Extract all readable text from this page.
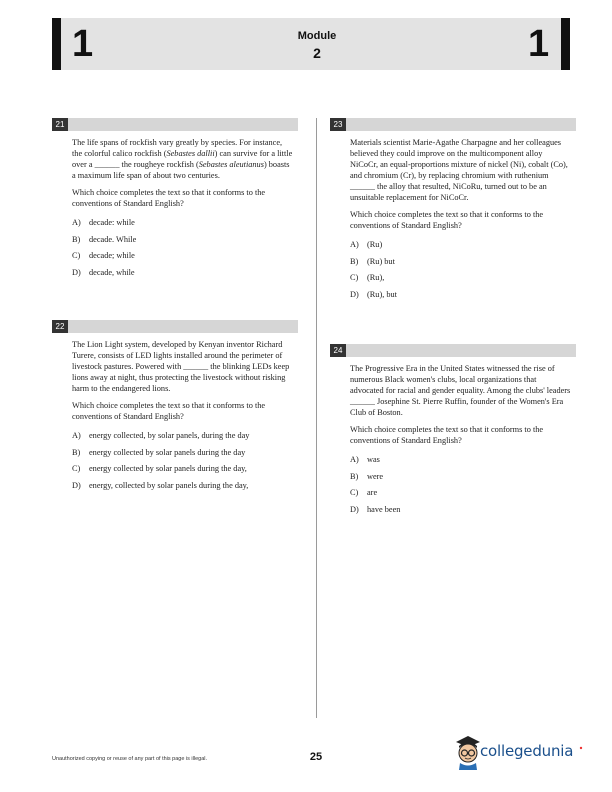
1	1
Module
2
21
The life spans of rockfish vary greatly by species. For instance, the colorful calico rockfish (Sebastes dallii) can survive for a little over a ______ the rougheye rockfish (Sebastes aleutianus) boasts a maximum life span of about two centuries.
Which choice completes the text so that it conforms to the conventions of Standard English?
A) decade: while
B) decade. While
C) decade; while
D) decade, while
22
The Lion Light system, developed by Kenyan inventor Richard Turere, consists of LED lights installed around the perimeter of livestock pastures. Powered with ______ the blinking LEDs keep lions away at night, thus protecting the livestock without risking harm to the endangered lions.
Which choice completes the text so that it conforms to the conventions of Standard English?
A) energy collected, by solar panels, during the day
B) energy collected by solar panels during the day
C) energy collected by solar panels during the day,
D) energy, collected by solar panels during the day,
23
Materials scientist Marie-Agathe Charpagne and her colleagues believed they could improve on the multicomponent alloy NiCoCr, an equal-proportions mixture of nickel (Ni), cobalt (Co), and chromium (Cr), by replacing chromium with ruthenium ______ the alloy that resulted, NiCoRu, turned out to be an unsuitable replacement for NiCoCr.
Which choice completes the text so that it conforms to the conventions of Standard English?
A) (Ru)
B) (Ru) but
C) (Ru),
D) (Ru), but
24
The Progressive Era in the United States witnessed the rise of numerous Black women's clubs, local organizations that advocated for racial and gender equality. Among the clubs' leaders ______ Josephine St. Pierre Ruffin, founder of the Women's Era Club of Boston.
Which choice completes the text so that it conforms to the conventions of Standard English?
A) was
B) were
C) are
D) have been
Unauthorized copying or reuse of any part of this page is illegal.	25	collegedunia
